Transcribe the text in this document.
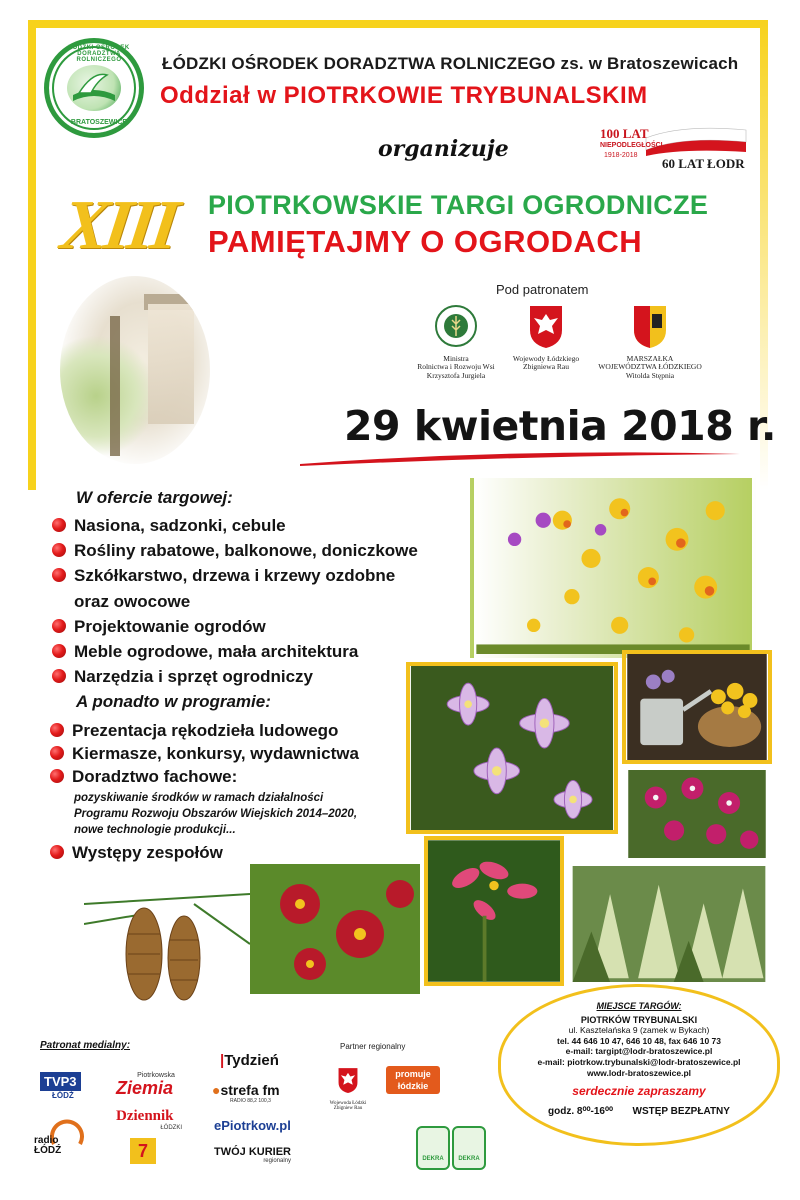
ŁÓDZKI OŚRODEK DORADZTWA ROLNICZEGO
BRATOSZEWICE
ŁÓDZKI OŚRODEK DORADZTWA ROLNICZEGO zs. w Bratoszewicach
Oddział w PIOTRKOWIE TRYBUNALSKIM
organizuje
100 LAT
NIEPODLEGŁOŚCI
1918-2018
60 LAT ŁODR
XIII PIOTRKOWSKIE TARGI OGRODNICZE
PAMIĘTAJMY O OGRODACH
Pod patronatem
Ministra
Rolnictwa i Rozwoju Wsi
Krzysztofa Jurgiela
Wojewody Łódzkiego
Zbigniewa Rau
MARSZAŁKA
WOJEWÓDZTWA ŁÓDZKIEGO
Witolda Stępnia
29 kwietnia 2018 r.
W ofercie targowej:
Nasiona, sadzonki, cebule
Rośliny rabatowe, balkonowe, doniczkowe
Szkółkarstwo, drzewa i krzewy ozdobne
oraz owocowe
Projektowanie ogrodów
Meble ogrodowe, mała architektura
Narzędzia i sprzęt ogrodniczy
A ponadto w programie:
Prezentacja rękodzieła ludowego
Kiermasze, konkursy, wydawnictwa
Doradztwo fachowe:
pozyskiwanie środków w ramach działalności
Programu Rozwoju Obszarów Wiejskich 2014–2020,
nowe technologie produkcji...
Występy zespołów
MIEJSCE TARGÓW:
PIOTRKÓW TRYBUNALSKI
ul. Kasztelańska 9 (zamek w Bykach)
tel. 44 646 10 47, 646 10 48, fax 646 10 73
e-mail: targipt@lodr-bratoszewice.pl
e-mail: piotrkow.trybunalski@lodr-bratoszewice.pl
www.lodr-bratoszewice.pl
serdecznie zapraszamy
godz. 8⁰⁰-16⁰⁰ WSTĘP BEZPŁATNY
Patronat medialny:
TVP3
ŁÓDŹ
Piotrkowska
Ziemia
Dziennik
ŁÓDZKI
radio ŁÓDŹ	7
|Tydzień
●strefa fm
RADIO 88,2 100,3
ePiotrkow.pl
TWÓJ KURIER
regionalny
Partner regionalny
Wojewoda Łódzki
Zbigniew Rau
promuje łódzkie
DEKRA	DEKRA
